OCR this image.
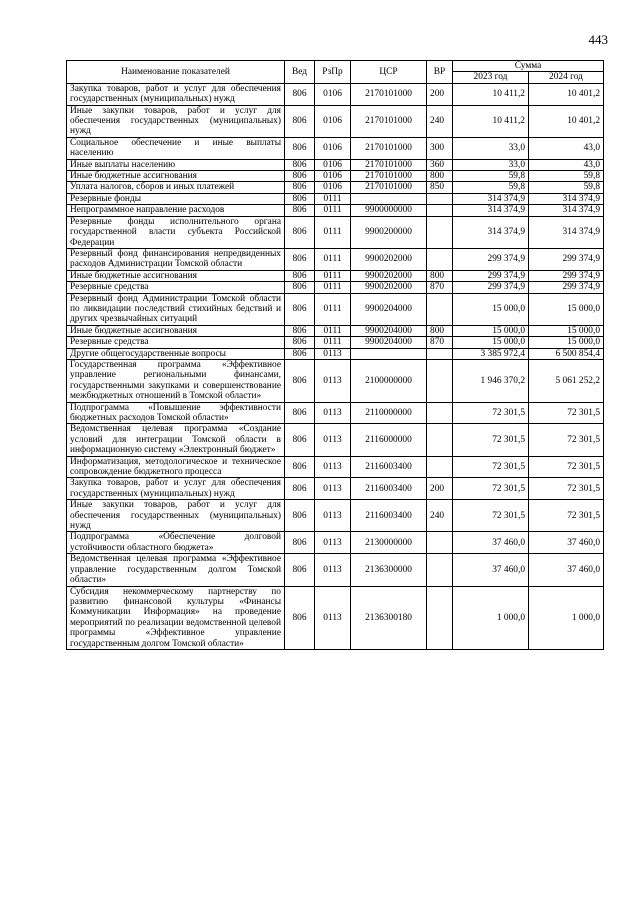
443
Наименование показателей	Вед	РзПр	ЦСР	ВР	Сумма	
					2023 год	2024 год
Закупка товаров, работ и услуг для обеспечения государственных (муниципальных) нужд	806	0106	2170101000	200	10 411,2	10 401,2
Иные закупки товаров, работ и услуг для обеспечения государственных (муниципальных) нужд	806	0106	2170101000	240	10 411,2	10 401,2
Социальное обеспечение и иные выплаты населению	806	0106	2170101000	300	33,0	43,0
Иные выплаты населению	806	0106	2170101000	360	33,0	43,0
Иные бюджетные ассигнования	806	0106	2170101000	800	59,8	59,8
Уплата налогов, сборов и иных платежей	806	0106	2170101000	850	59,8	59,8
Резервные фонды	806	0111			314 374,9	314 374,9
Непрограммное направление расходов	806	0111	9900000000		314 374,9	314 374,9
Резервные фонды исполнительного органа государственной власти субъекта Российской Федерации	806	0111	9900200000		314 374,9	314 374,9
Резервный фонд финансирования непредвиденных расходов Администрации Томской области	806	0111	9900202000		299 374,9	299 374,9
Иные бюджетные ассигнования	806	0111	9900202000	800	299 374,9	299 374,9
Резервные средства	806	0111	9900202000	870	299 374,9	299 374,9
Резервный фонд Администрации Томской области по ликвидации последствий стихийных бедствий и других чрезвычайных ситуаций	806	0111	9900204000		15 000,0	15 000,0
Иные бюджетные ассигнования	806	0111	9900204000	800	15 000,0	15 000,0
Резервные средства	806	0111	9900204000	870	15 000,0	15 000,0
Другие общегосударственные вопросы	806	0113			3 385 972,4	6 500 854,4
Государственная программа «Эффективное управление региональными финансами, государственными закупками и совершенствование межбюджетных отношений в Томской области»	806	0113	2100000000		1 946 370,2	5 061 252,2
Подпрограмма «Повышение эффективности бюджетных расходов Томской области»	806	0113	2110000000		72 301,5	72 301,5
Ведомственная целевая программа «Создание условий для интеграции Томской области в информационную систему «Электронный бюджет»	806	0113	2116000000		72 301,5	72 301,5
Информатизация, методологическое и техническое сопровождение бюджетного процесса	806	0113	2116003400		72 301,5	72 301,5
Закупка товаров, работ и услуг для обеспечения государственных (муниципальных) нужд	806	0113	2116003400	200	72 301,5	72 301,5
Иные закупки товаров, работ и услуг для обеспечения государственных (муниципальных) нужд	806	0113	2116003400	240	72 301,5	72 301,5
Подпрограмма «Обеспечение долговой устойчивости областного бюджета»	806	0113	2130000000		37 460,0	37 460,0
Ведомственная целевая программа «Эффективное управление государственным долгом Томской области»	806	0113	2136300000		37 460,0	37 460,0
Субсидия некоммерческому партнерству по развитию финансовой культуры «Финансы Коммуникации Информация» на проведение мероприятий по реализации ведомственной целевой программы «Эффективное управление государственным долгом Томской области»	806	0113	2136300180		1 000,0	1 000,0
